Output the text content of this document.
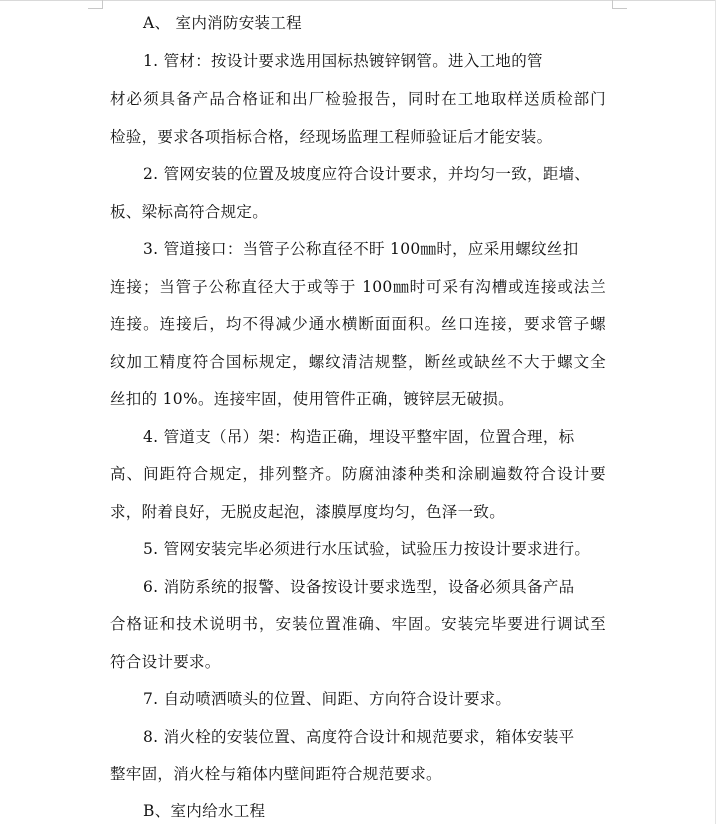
A、 室内消防安装工程
1. 管材：按设计要求选用国标热镀锌钢管。进入工地的管
材必须具备产品合格证和出厂检验报告，同时在工地取样送质检部门
检验，要求各项指标合格，经现场监理工程师验证后才能安装。
2. 管网安装的位置及坡度应符合设计要求，并均匀一致，距墙、
板、梁标高符合规定。
3. 管道接口：当管子公称直径不盱 100㎜时，应采用螺纹丝扣
连接；当管子公称直径大于或等于 100㎜时可采有沟槽或连接或法兰
连接。连接后，均不得减少通水横断面面积。丝口连接，要求管子螺
纹加工精度符合国标规定，螺纹清洁规整，断丝或缺丝不大于螺文全
丝扣的 10%。连接牢固，使用管件正确，镀锌层无破损。
4. 管道支（吊）架：构造正确，埋设平整牢固，位置合理，标
高、间距符合规定，排列整齐。防腐油漆种类和涂刷遍数符合设计要
求，附着良好，无脱皮起泡，漆膜厚度均匀，色泽一致。
5. 管网安装完毕必须进行水压试验，试验压力按设计要求进行。
6. 消防系统的报警、设备按设计要求选型，设备必须具备产品
合格证和技术说明书，安装位置准确、牢固。安装完毕要进行调试至
符合设计要求。
7. 自动喷洒喷头的位置、间距、方向符合设计要求。
8. 消火栓的安装位置、高度符合设计和规范要求，箱体安装平
整牢固，消火栓与箱体内壁间距符合规范要求。
B、室内给水工程
